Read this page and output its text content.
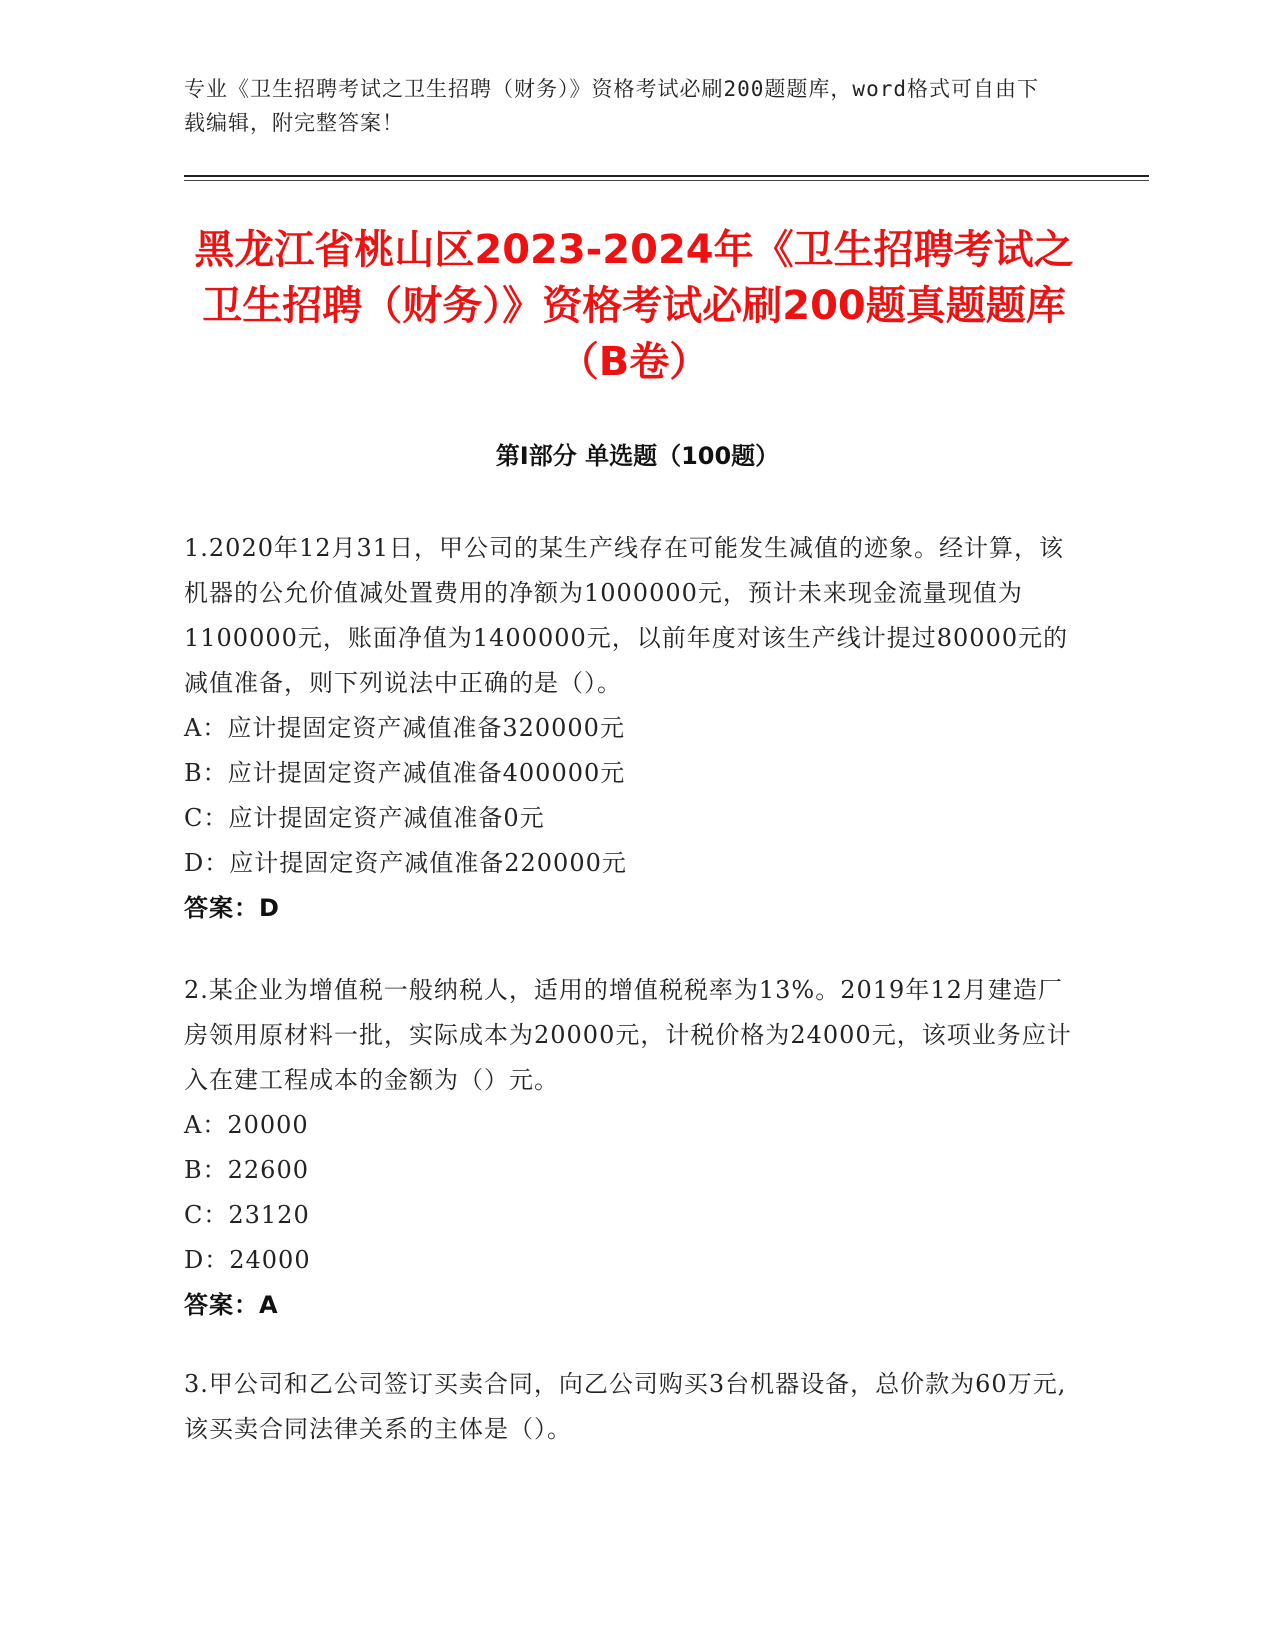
专业《卫生招聘考试之卫生招聘（财务）》资格考试必刷200题题库，word格式可自由下载编辑，附完整答案！
黑龙江省桃山区2023-2024年《卫生招聘考试之卫生招聘（财务）》资格考试必刷200题真题题库（B卷）
第I部分 单选题（100题）

1.2020年12月31日，甲公司的某生产线存在可能发生减值的迹象。经计算，该机器的公允价值减处置费用的净额为1000000元，预计未来现金流量现值为1100000元，账面净值为1400000元，以前年度对该生产线计提过80000元的减值准备，则下列说法中正确的是（）。

A：应计提固定资产减值准备320000元

B：应计提固定资产减值准备400000元

C：应计提固定资产减值准备0元

D：应计提固定资产减值准备220000元

答案：D

2.某企业为增值税一般纳税人，适用的增值税税率为13%。2019年12月建造厂房领用原材料一批，实际成本为20000元，计税价格为24000元，该项业务应计入在建工程成本的金额为（）元。

A：20000

B：22600

C：23120

D：24000

答案：A

3.甲公司和乙公司签订买卖合同，向乙公司购买3台机器设备，总价款为60万元,该买卖合同法律关系的主体是（）。
